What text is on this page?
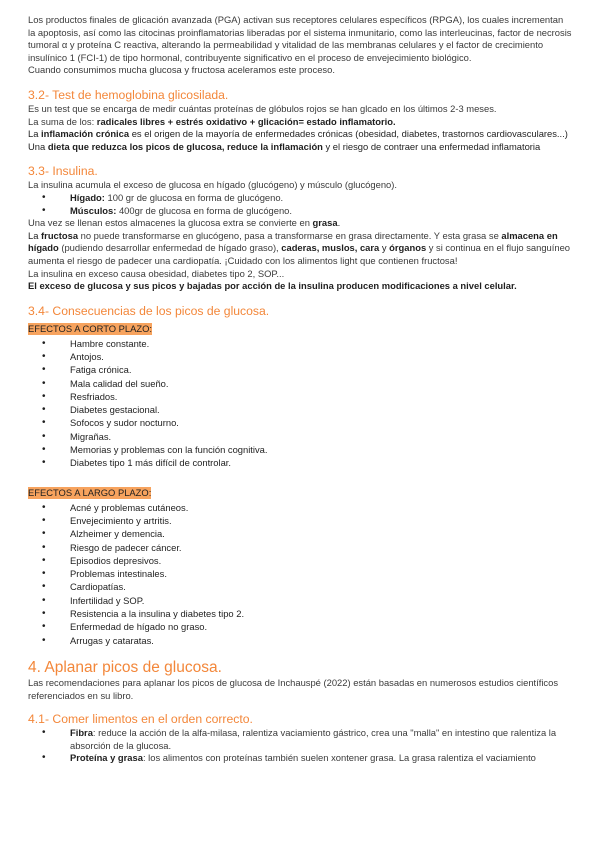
Los productos finales de glicación avanzada (PGA) activan sus receptores celulares específicos (RPGA), los cuales incrementan la apoptosis, así como las citocinas proinflamatorias liberadas por el sistema inmunitario, como las interleucinas, factor de necrosis tumoral α y proteína C reactiva, alterando la permeabilidad y vitalidad de las membranas celulares y el factor de crecimiento insulínico 1 (FCI-1) de tipo hormonal, contribuyente significativo en el proceso de envejecimiento biológico.

Cuando consumimos mucha glucosa y fructosa aceleramos este proceso.

3.2- Test de hemoglobina glicosilada.

Es un test que se encarga de medir cuántas proteínas de glóbulos rojos se han glcado en los últimos 2-3 meses.

La suma de los: radicales libres + estrés oxidativo + glicación= estado inflamatorio.

La inflamación crónica es el origen de la mayoría de enfermedades crónicas (obesidad, diabetes, trastornos cardiovasculares...)

Una dieta que reduzca los picos de glucosa, reduce la inflamación y el riesgo de contraer una enfermedad inflamatoria

3.3- Insulina.

La insulina acumula el exceso de glucosa en hígado (glucógeno) y músculo (glucógeno).

• Hígado: 100 gr de glucosa en forma de glucógeno.
• Músculos: 400gr de glucosa en forma de glucógeno.

Una vez se llenan estos almacenes la glucosa extra se convierte en grasa.

La fructosa no puede transformarse en glucógeno, pasa a transformarse en grasa directamente. Y esta grasa se almacena en hígado (pudiendo desarrollar enfermedad de hígado graso), caderas, muslos, cara y órganos y si continua en el flujo sanguíneo aumenta el riesgo de padecer una cardiopatía. ¡Cuidado con los alimentos light que contienen fructosa!

La insulina en exceso causa obesidad, diabetes tipo 2, SOP...

El exceso de glucosa y sus picos y bajadas por acción de la insulina producen modificaciones a nivel celular.

3.4- Consecuencias de los picos de glucosa.
EFECTOS A CORTO PLAZO:
• Hambre constante.
• Antojos.
• Fatiga crónica.
• Mala calidad del sueño.
• Resfriados.
• Diabetes gestacional.
• Sofocos y sudor nocturno.
• Migrañas.
• Memorias y problemas con la función cognitiva.
• Diabetes tipo 1 más difícil de controlar.
EFECTOS A LARGO PLAZO:
• Acné y problemas cutáneos.
• Envejecimiento y artritis.
• Alzheimer y demencia.
• Riesgo de padecer cáncer.
• Episodios depresivos.
• Problemas intestinales.
• Cardiopatías.
• Infertilidad y SOP.
• Resistencia a la insulina y diabetes tipo 2.
• Enfermedad de hígado no graso.
• Arrugas y cataratas.
4. Aplanar picos de glucosa.

Las recomendaciones para aplanar los picos de glucosa de Inchauspé (2022) están basadas en numerosos estudios científicos referenciados en su libro.

4.1- Comer limentos en el orden correcto.
• Fibra: reduce la acción de la alfa-milasa, ralentiza vaciamiento gástrico, crea una "malla" en intestino que ralentiza la absorción de la glucosa.
• Proteína y grasa: los alimentos con proteínas también suelen xontener grasa. La grasa ralentiza el vaciamiento
